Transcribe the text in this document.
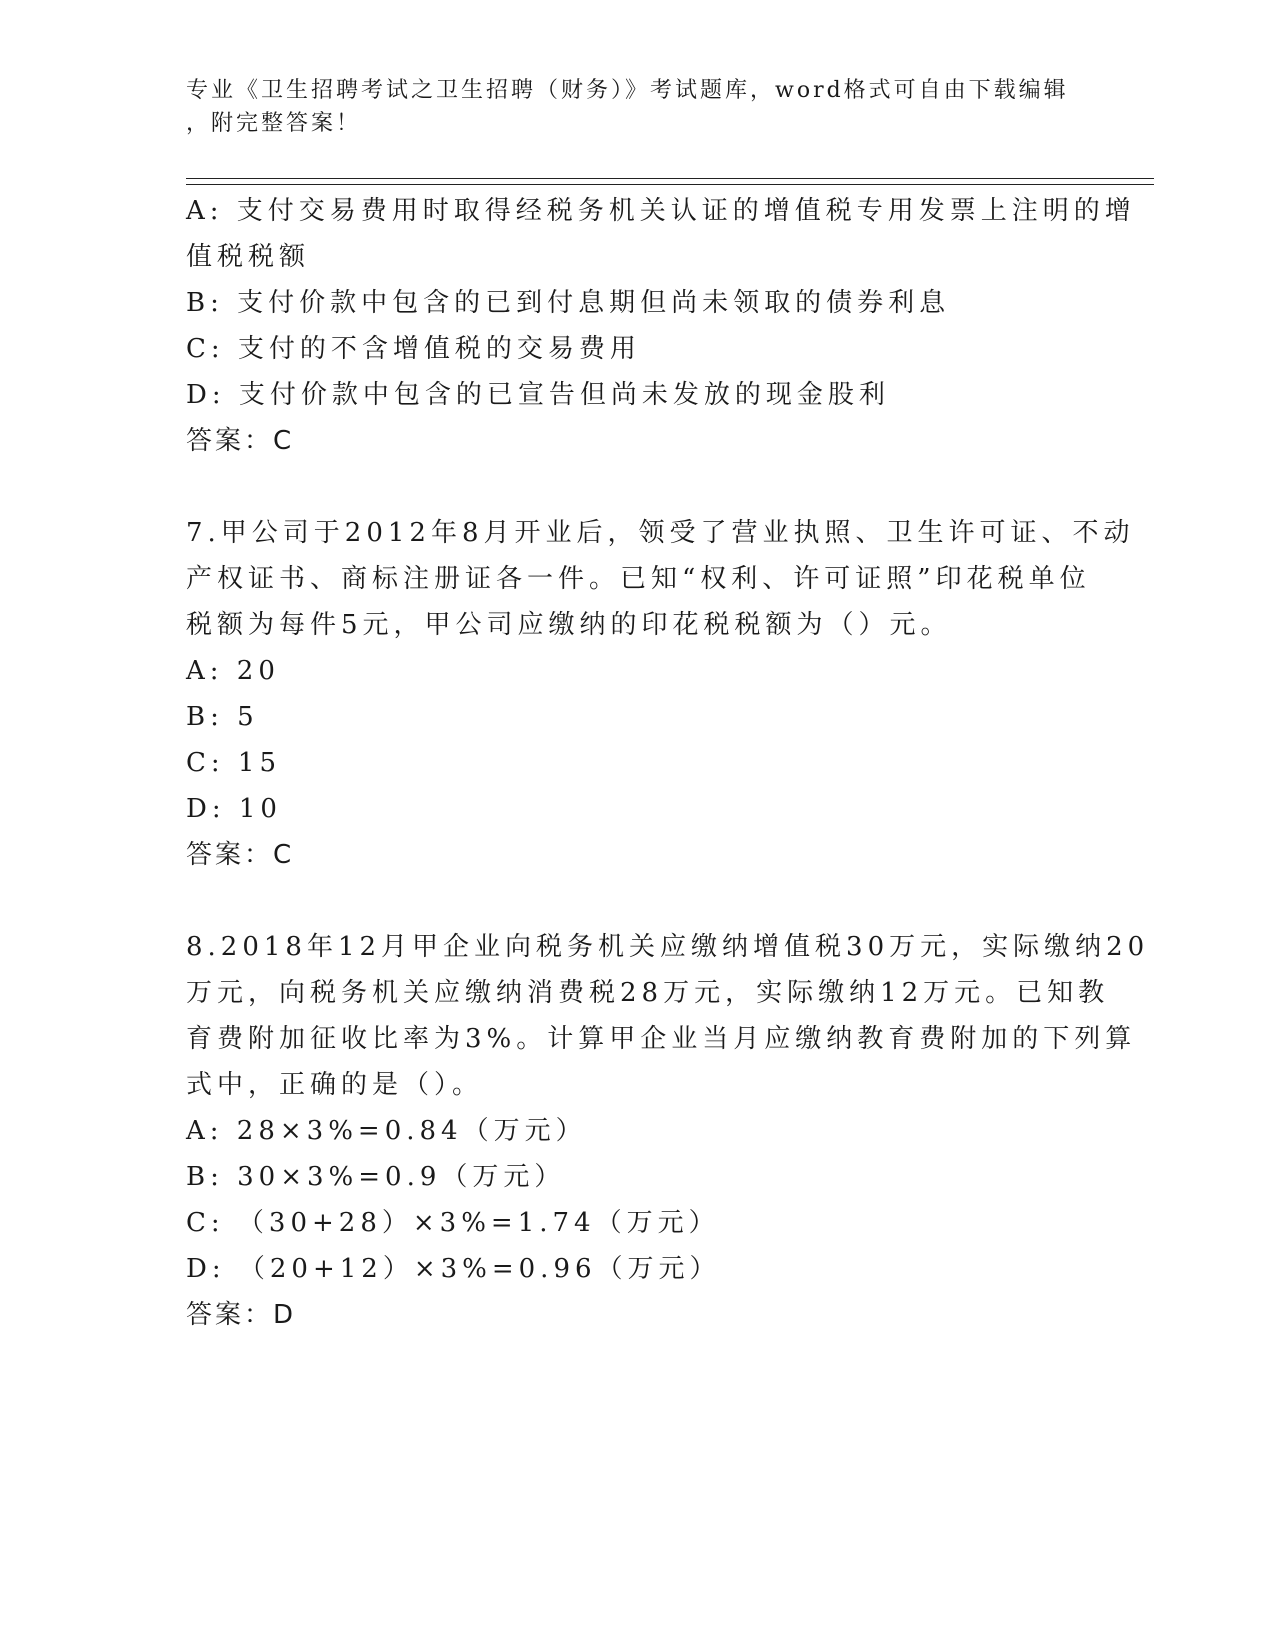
专业《卫生招聘考试之卫生招聘（财务）》考试题库，word格式可自由下载编辑
，附完整答案！
A: 支付交易费用时取得经税务机关认证的增值税专用发票上注明的增
值税税额
B: 支付价款中包含的已到付息期但尚未领取的债券利息
C: 支付的不含增值税的交易费用
D: 支付价款中包含的已宣告但尚未发放的现金股利
答案：C
7.甲公司于2012年8月开业后，领受了营业执照、卫生许可证、不动
产权证书、商标注册证各一件。已知“权利、许可证照”印花税单位
税额为每件5元，甲公司应缴纳的印花税税额为（）元。
A: 20
B: 5
C: 15
D: 10
答案：C
8.2018年12月甲企业向税务机关应缴纳增值税30万元，实际缴纳20
万元，向税务机关应缴纳消费税28万元，实际缴纳12万元。已知教
育费附加征收比率为3%。计算甲企业当月应缴纳教育费附加的下列算
式中，正确的是（）。
A: 28×3%=0.84（万元）
B: 30×3%=0.9（万元）
C: （30+28）×3%=1.74（万元）
D: （20+12）×3%=0.96（万元）
答案：D
